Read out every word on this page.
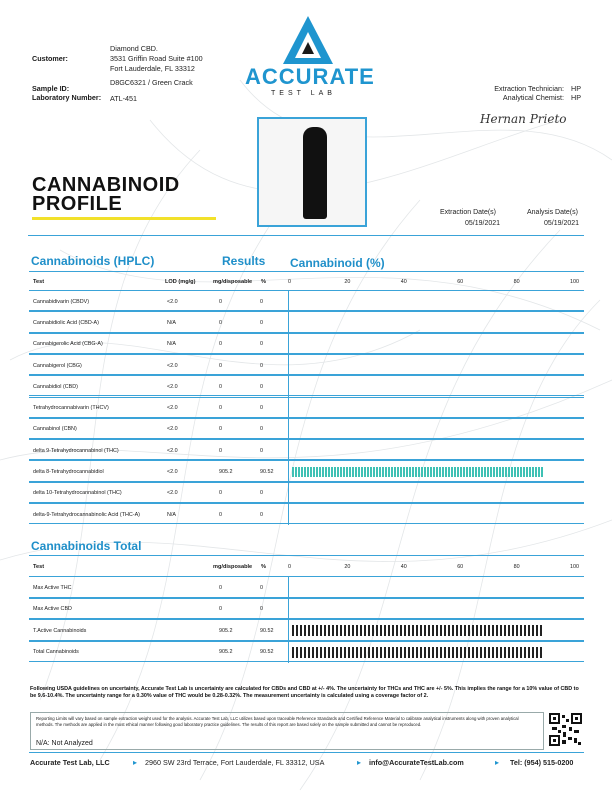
Customer:
Diamond CBD.
3531 Griffin Road Suite #100
Fort Lauderdale, FL 33312
Sample ID:
D8GC6321 / Green Crack
Laboratory Number: ATL-451
ACCURATE
TEST LAB
Extraction Technician: HP
Analytical Chemist: HP
Hernan Prieto
CANNABINOID
PROFILE	Extraction Date(s)
05/19/2021
Analysis Date(s)
05/19/2021
Cannabinoids (HPLC)	Results Cannabinoid (%)
Test	LOD (mg/g)	mg/disposable %	0	20	40	60	80	100
Cannabidivarin (CBDV)	<2.0	0	0
Cannabidiolic Acid (CBD-A)	N/A	0	0
Cannabigerolic Acid (CBG-A)	N/A	0	0
Cannabigerol (CBG)	<2.0	0	0
Cannabidiol (CBD)	<2.0	0	0
Tetrahydrocannabivarin (THCV)	<2.0	0	0
Cannabinol (CBN)	<2.0	0	0
delta 9-Tetrahydrocannabinol (THC)	<2.0	0	0
delta 8-Tetrahydrocannabidiol	<2.0	905.2	90.52
delta 10-Tetrahydrocannabinol (THC)	<2.0	0	0
delta-9-Tetrahydrocannabinolic Acid (THC-A)	N/A	0	0
Cannabinoids Total
Test	mg/disposable %	0	20	40	60	80	100
Max Active THC	0	0
Max Active CBD	0	0
T.Active Cannabinoids	905.2	90.52
Total Cannabinoids	905.2	90.52
Following USDA guidelines on uncertainty, Accurate Test Lab is uncertainty are calculated for CBDs and CBD at +/- 4%. The uncertainty for THCs and THC are +/- 5%. This implies the range for a 10% value of CBD to be 9.6-10.4%. The uncertainty range for a 0.30% value of THC would be 0.28-0.32%. The measurement uncertainty is calculated using a coverage factor of 2.
Reporting Limits will vary based on sample extraction weight used for the analysis. Accurate Test Lab, LLC utilizes based upon traceable Reference Standards and Certified Reference Material to calibrate analytical instruments along with proven analytical methods. The methods are applied in the most ethical manner following good laboratory practice guidelines. The results of this report are based solely on the sample submitted and cannot be reproduced.
N/A: Not Analyzed
Accurate Test Lab, LLC	▸ 2960 SW 23rd Terrace, Fort Lauderdale, FL 33312, USA	▸ info@AccurateTestLab.com	▸ Tel: (954) 515-0200
